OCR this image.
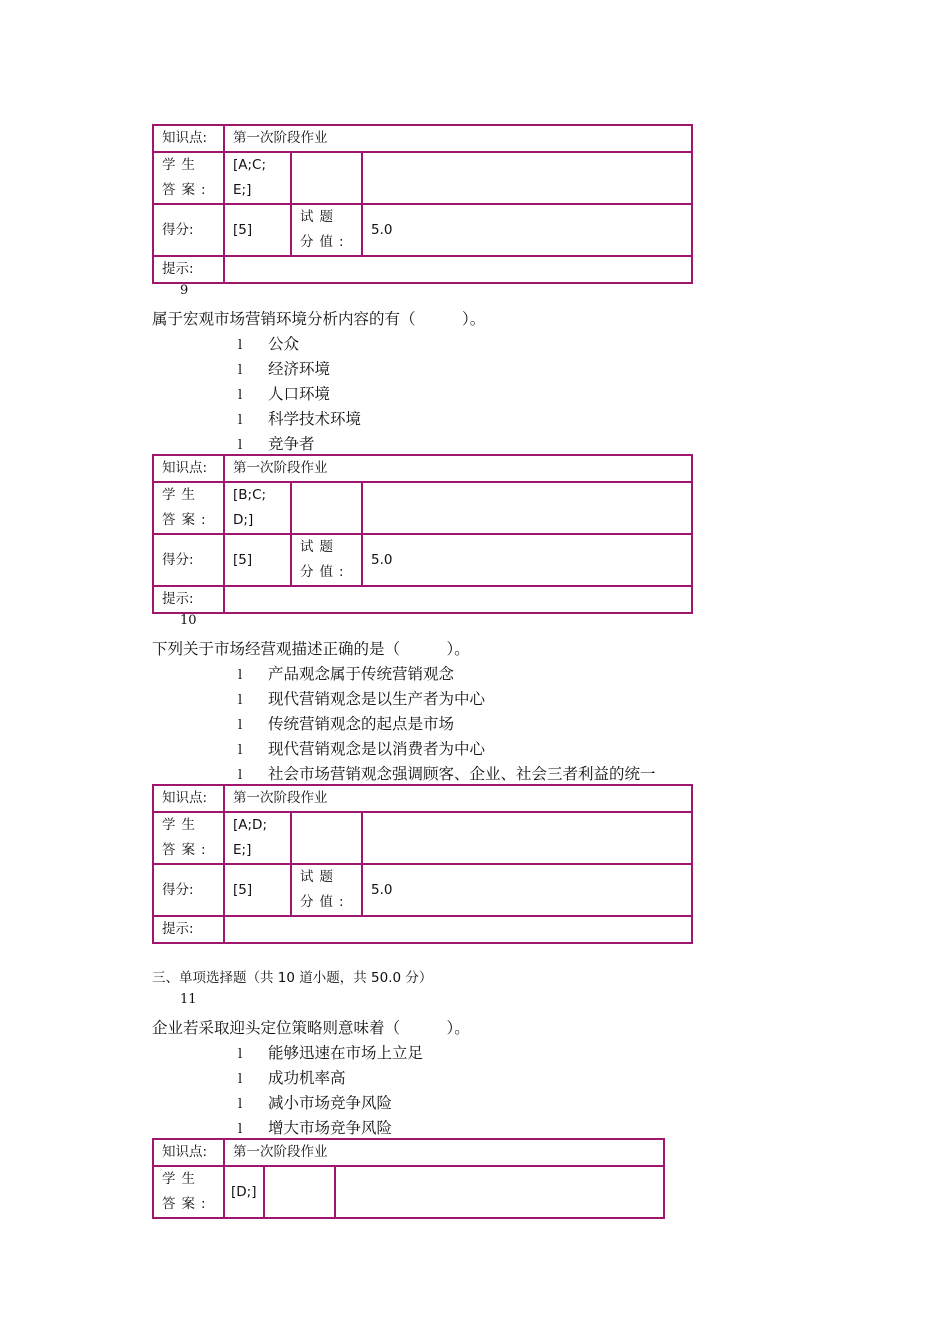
知识点:	第一次阶段作业		
学生答案:	[A;C;E;]		
得分:	[5]	试题分值:	5.0
提示:			
9
属于宏观市场营销环境分析内容的有（　　　）。
l 公众
l 经济环境
l 人口环境
l 科学技术环境
l 竞争者
知识点:	第一次阶段作业		
学生答案:	[B;C;D;]		
得分:	[5]	试题分值:	5.0
提示:			
10
下列关于市场经营观描述正确的是（　　　）。
l 产品观念属于传统营销观念
l 现代营销观念是以生产者为中心
l 传统营销观念的起点是市场
l 现代营销观念是以消费者为中心
l 社会市场营销观念强调顾客、企业、社会三者利益的统一
知识点:	第一次阶段作业		
学生答案:	[A;D;E;]		
得分:	[5]	试题分值:	5.0
提示:			
三、单项选择题（共 10 道小题，共 50.0 分）
11
企业若采取迎头定位策略则意味着（　　　）。
l 能够迅速在市场上立足
l 成功机率高
l 减小市场竞争风险
l 增大市场竞争风险
知识点:	第一次阶段作业		
学生答案:	[D;]		
